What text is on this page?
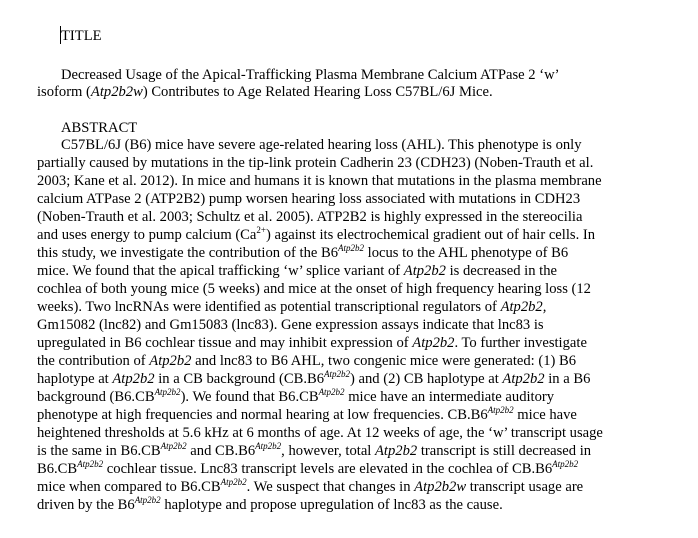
TITLE
Decreased Usage of the Apical-Trafficking Plasma Membrane Calcium ATPase 2 ‘w’
isoform (Atp2b2w) Contributes to Age Related Hearing Loss C57BL/6J Mice.
ABSTRACT
C57BL/6J (B6) mice have severe age-related hearing loss (AHL). This phenotype is only
partially caused by mutations in the tip-link protein Cadherin 23 (CDH23) (Noben-Trauth et al.
2003; Kane et al. 2012). In mice and humans it is known that mutations in the plasma membrane
calcium ATPase 2 (ATP2B2) pump worsen hearing loss associated with mutations in CDH23
(Noben-Trauth et al. 2003; Schultz et al. 2005). ATP2B2 is highly expressed in the stereocilia
and uses energy to pump calcium $(Ca^{2+})$ against its electrochemical gradient out of hair cells. In
this study, we investigate the contribution of the $B6^{Atp2b2}$ locus to the AHL phenotype of B6
mice. We found that the apical trafficking ‘w’ splice variant of Atp2b2 is decreased in the
cochlea of both young mice (5 weeks) and mice at the onset of high frequency hearing loss (12
weeks). Two lncRNAs were identified as potential transcriptional regulators of Atp2b2,
Gm15082 (lnc82) and Gm15083 (lnc83). Gene expression assays indicate that lnc83 is
upregulated in B6 cochlear tissue and may inhibit expression of Atp2b2. To further investigate
the contribution of Atp2b2 and lnc83 to B6 AHL, two congenic mice were generated: (1) B6
haplotype at Atp2b2 in a CB background $(CB.B6^{Atp2b2})$ and (2) CB haplotype at Atp2b2 in a B6
background $(B6.CB^{Atp2b2})$. We found that $B6.CB^{Atp2b2}$ mice have an intermediate auditory
phenotype at high frequencies and normal hearing at low frequencies. $CB.B6^{Atp2b2}$ mice have
heightened thresholds at 5.6 kHz at 6 months of age. At 12 weeks of age, the ‘w’ transcript usage
is the same in $B6.CB^{Atp2b2}$ and $CB.B6^{Atp2b2}$, however, total Atp2b2 transcript is still decreased in
$B6.CB^{Atp2b2}$ cochlear tissue. Lnc83 transcript levels are elevated in the cochlea of $CB.B6^{Atp2b2}$
mice when compared to $B6.CB^{Atp2b2}$. We suspect that changes in Atp2b2w transcript usage are
driven by the $B6^{Atp2b2}$ haplotype and propose upregulation of lnc83 as the cause.
